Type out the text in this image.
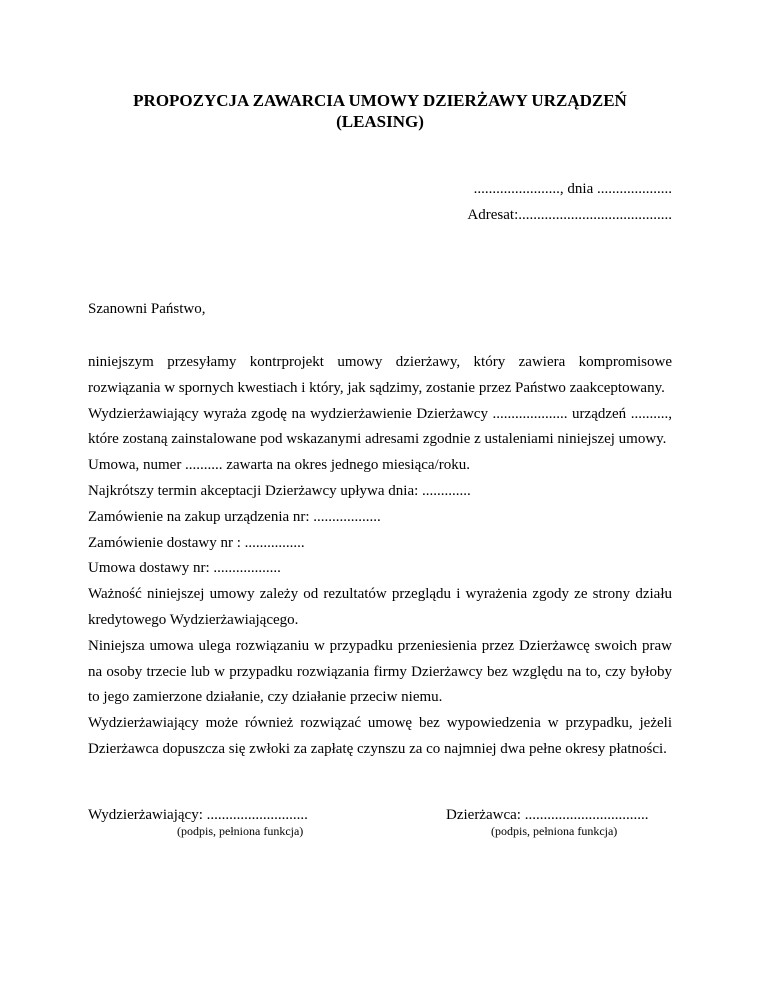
PROPOZYCJA ZAWARCIA UMOWY DZIERŻAWY URZĄDZEŃ
(LEASING)
......................., dnia ....................
Adresat:.........................................
Szanowni Państwo,

niniejszym przesyłamy kontrprojekt umowy dzierżawy, który zawiera kompromisowe rozwiązania w spornych kwestiach i który, jak sądzimy, zostanie przez Państwo zaakceptowany.

Wydzierżawiający wyraża zgodę na wydzierżawienie Dzierżawcy .................... urządzeń .........., które zostaną zainstalowane pod wskazanymi adresami zgodnie z ustaleniami niniejszej umowy.

Umowa, numer .......... zawarta na okres jednego miesiąca/roku.

Najkrótszy termin akceptacji Dzierżawcy upływa dnia: .............

Zamówienie na zakup urządzenia nr: ..................

Zamówienie dostawy nr : ................

Umowa dostawy nr: ..................

Ważność niniejszej umowy zależy od rezultatów przeglądu i wyrażenia zgody ze strony działu kredytowego Wydzierżawiającego.

Niniejsza umowa ulega rozwiązaniu w przypadku przeniesienia przez Dzierżawcę swoich praw na osoby trzecie lub w przypadku rozwiązania firmy Dzierżawcy bez względu na to, czy byłoby to jego zamierzone działanie, czy działanie przeciw niemu.

Wydzierżawiający może również rozwiązać umowę bez wypowiedzenia w przypadku, jeżeli Dzierżawca dopuszcza się zwłoki za zapłatę czynszu za co najmniej dwa pełne okresy płatności.

Wydzierżawiający: ...........................
(podpis, pełniona funkcja)
Dzierżawca: .................................
(podpis, pełniona funkcja)
